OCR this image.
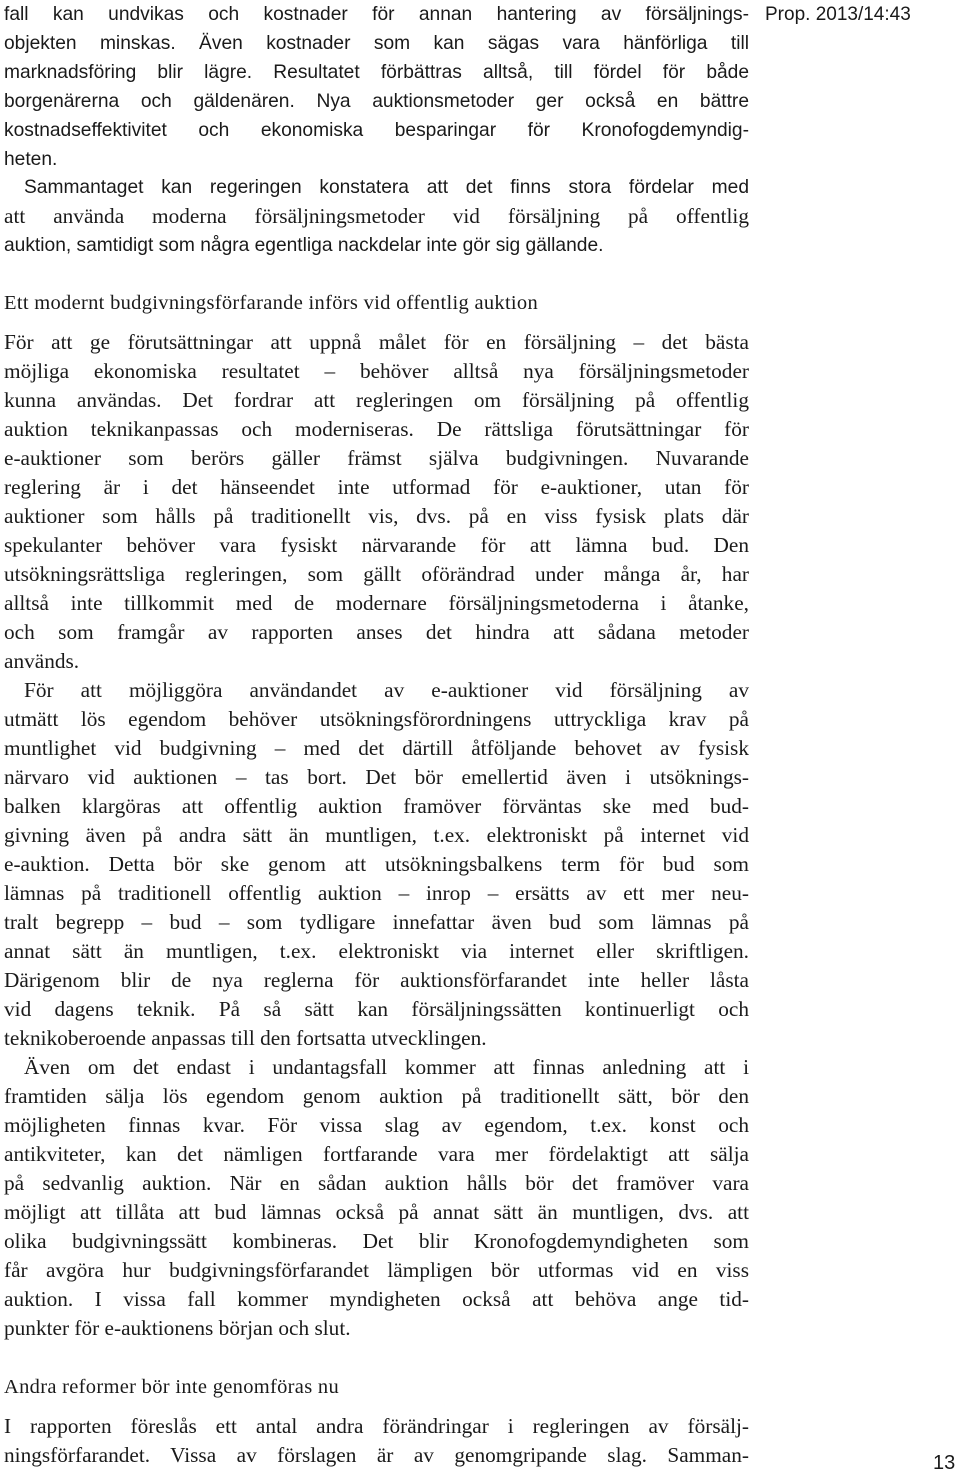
Prop. 2013/14:43
fall kan undvikas och kostnader för annan hantering av försäljnings-
objekten minskas. Även kostnader som kan sägas vara hänförliga till
marknadsföring blir lägre. Resultatet förbättras alltså, till fördel för både
borgenärerna och gäldenären. Nya auktionsmetoder ger också en bättre
kostnadseffektivitet och ekonomiska besparingar för Kronofogdemyndig-
heten.
Sammantaget kan regeringen konstatera att det finns stora fördelar med
att använda moderna försäljningsmetoder vid försäljning på offentlig
auktion, samtidigt som några egentliga nackdelar inte gör sig gällande.
Ett modernt budgivningsförfarande införs vid offentlig auktion
För att ge förutsättningar att uppnå målet för en försäljning – det bästa
möjliga ekonomiska resultatet – behöver alltså nya försäljningsmetoder
kunna användas. Det fordrar att regleringen om försäljning på offentlig
auktion teknikanpassas och moderniseras. De rättsliga förutsättningar för
e-auktioner som berörs gäller främst själva budgivningen. Nuvarande
reglering är i det hänseendet inte utformad för e-auktioner, utan för
auktioner som hålls på traditionellt vis, dvs. på en viss fysisk plats där
spekulanter behöver vara fysiskt närvarande för att lämna bud. Den
utsökningsrättsliga regleringen, som gällt oförändrad under många år, har
alltså inte tillkommit med de modernare försäljningsmetoderna i åtanke,
och som framgår av rapporten anses det hindra att sådana metoder
används.
För att möjliggöra användandet av e-auktioner vid försäljning av
utmätt lös egendom behöver utsökningsförordningens uttryckliga krav på
muntlighet vid budgivning – med det därtill åtföljande behovet av fysisk
närvaro vid auktionen – tas bort. Det bör emellertid även i utsöknings-
balken klargöras att offentlig auktion framöver förväntas ske med bud-
givning även på andra sätt än muntligen, t.ex. elektroniskt på internet vid
e-auktion. Detta bör ske genom att utsökningsbalkens term för bud som
lämnas på traditionell offentlig auktion – inrop – ersätts av ett mer neu-
tralt begrepp – bud – som tydligare innefattar även bud som lämnas på
annat sätt än muntligen, t.ex. elektroniskt via internet eller skriftligen.
Därigenom blir de nya reglerna för auktionsförfarandet inte heller låsta
vid dagens teknik. På så sätt kan försäljningssätten kontinuerligt och
teknikoberoende anpassas till den fortsatta utvecklingen.
Även om det endast i undantagsfall kommer att finnas anledning att i
framtiden sälja lös egendom genom auktion på traditionellt sätt, bör den
möjligheten finnas kvar. För vissa slag av egendom, t.ex. konst och
antikviteter, kan det nämligen fortfarande vara mer fördelaktigt att sälja
på sedvanlig auktion. När en sådan auktion hålls bör det framöver vara
möjligt att tillåta att bud lämnas också på annat sätt än muntligen, dvs. att
olika budgivningssätt kombineras. Det blir Kronofogdemyndigheten som
får avgöra hur budgivningsförfarandet lämpligen bör utformas vid en viss
auktion. I vissa fall kommer myndigheten också att behöva ange tid-
punkter för e-auktionens början och slut.
Andra reformer bör inte genomföras nu
I rapporten föreslås ett antal andra förändringar i regleringen av försälj-
ningsförfarandet. Vissa av förslagen är av genomgripande slag. Samman-	13
